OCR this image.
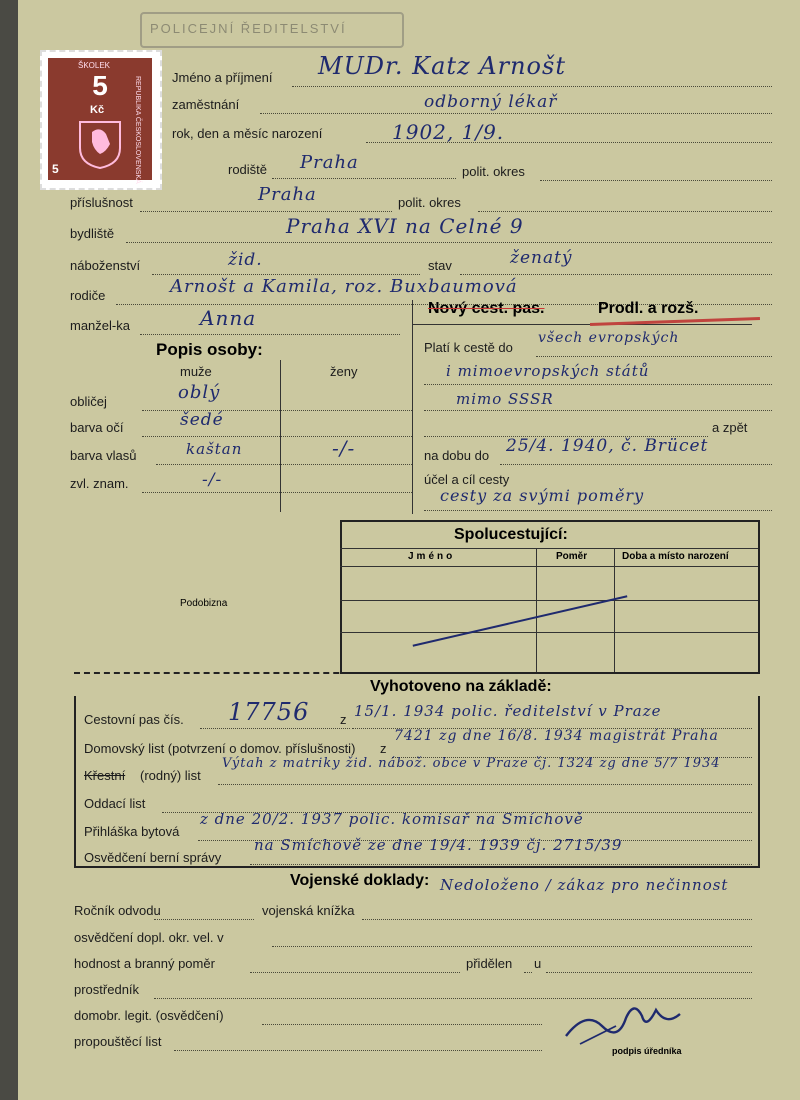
POLICEJNÍ ŘEDITELSTVÍ
ŠKOLEK
5
Kč	REPUBLIKA ČESKOSLOVENSKÁ
5
Jméno a příjmení MUDr. Katz Arnošt
zaměstnání	odborný lékař
rok, den a měsíc narození	1902, 1/9.
rodiště Praha	polit. okres
příslušnost	Praha	polit. okres
bydliště	Praha XVI na Celné 9
náboženství	žid.	stav	ženatý
rodiče	Arnošt a Kamila, roz. Buxbaumová
manžel-ka	Anna	Nový cest. pas.	Prodl. a rozš.
Platí k cestě do
všech evropských
i mimoevropských států
mimo SSSR
a zpět
na dobu do 25/4. 1940, č. Brücet
účel a cíl cesty
cesty za svými poměry
Popis osoby:
muže	ženy
obličej	oblý
barva očí	šedé
barva vlasů	kaštan	-/-
zvl. znam.	-/-
Spolucestující:
Jméno	Poměr	Doba a místo narození
Podobizna
Vyhotoveno na základě:
Cestovní pas čís. 17756 z 15/1. 1934 polic. ředitelství v Praze
Domovský list (potvrzení o domov. příslušnosti) z
7421 zg dne 16/8. 1934 magistrát Praha
Křestní (rodný) list
Výtah z matriky žid. nábož. obce v Praze čj. 1324 zg dne 5/7 1934
Oddací list
Přihláška bytová
z dne 20/2. 1937 polic. komisař na Smíchově
Osvědčení berní správy
na Smíchově ze dne 19/4. 1939 čj. 2715/39
Vojenské doklady: Nedoloženo / zákaz pro nečinnost
Ročník odvodu	vojenská knížka
osvědčení dopl. okr. vel. v
hodnost a branný poměr	přidělen u
prostředník
domobr. legit. (osvědčení)
propouštěcí list
podpis úředníka
